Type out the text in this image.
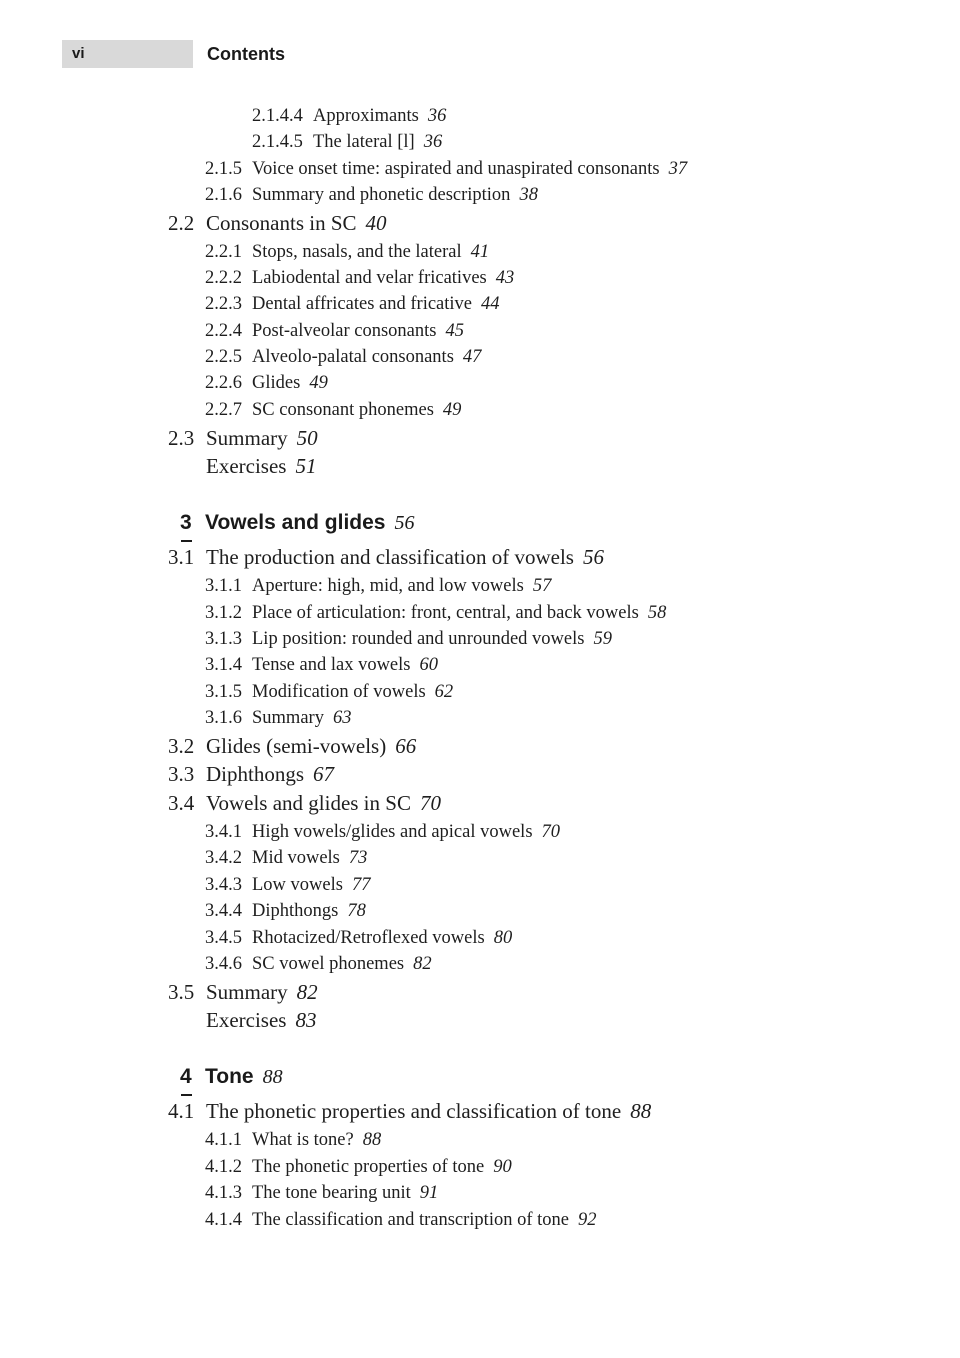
vi	Contents
2.1.4.4 Approximants 36
2.1.4.5 The lateral [l] 36
2.1.5 Voice onset time: aspirated and unaspirated consonants 37
2.1.6 Summary and phonetic description 38
2.2 Consonants in SC 40
2.2.1 Stops, nasals, and the lateral 41
2.2.2 Labiodental and velar fricatives 43
2.2.3 Dental affricates and fricative 44
2.2.4 Post-alveolar consonants 45
2.2.5 Alveolo-palatal consonants 47
2.2.6 Glides 49
2.2.7 SC consonant phonemes 49
2.3 Summary 50
Exercises 51
3 Vowels and glides 56
3.1 The production and classification of vowels 56
3.1.1 Aperture: high, mid, and low vowels 57
3.1.2 Place of articulation: front, central, and back vowels 58
3.1.3 Lip position: rounded and unrounded vowels 59
3.1.4 Tense and lax vowels 60
3.1.5 Modification of vowels 62
3.1.6 Summary 63
3.2 Glides (semi-vowels) 66
3.3 Diphthongs 67
3.4 Vowels and glides in SC 70
3.4.1 High vowels/glides and apical vowels 70
3.4.2 Mid vowels 73
3.4.3 Low vowels 77
3.4.4 Diphthongs 78
3.4.5 Rhotacized/Retroflexed vowels 80
3.4.6 SC vowel phonemes 82
3.5 Summary 82
Exercises 83
4 Tone 88
4.1 The phonetic properties and classification of tone 88
4.1.1 What is tone? 88
4.1.2 The phonetic properties of tone 90
4.1.3 The tone bearing unit 91
4.1.4 The classification and transcription of tone 92
